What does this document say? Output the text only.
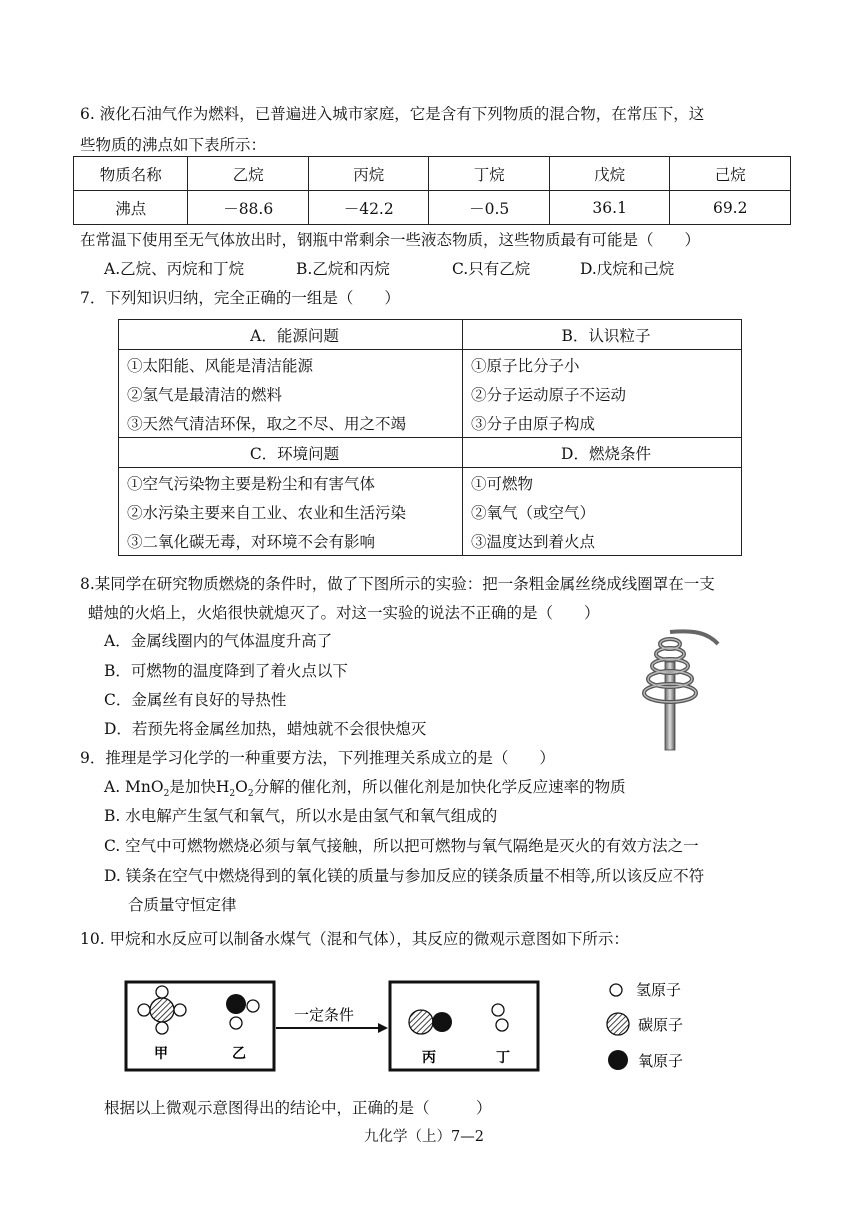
6. 液化石油气作为燃料，已普遍进入城市家庭，它是含有下列物质的混合物，在常压下，这
些物质的沸点如下表所示：
物质名称	乙烷	丙烷	丁烷	戊烷	己烷
沸点	－88.6	－42.2	－0.5	36.1	69.2
在常温下使用至无气体放出时，钢瓶中常剩余一些液态物质，这些物质最有可能是（　　）
A.乙烷、丙烷和丁烷	B.乙烷和丙烷	C.只有乙烷	D.戊烷和己烷
7．下列知识归纳，完全正确的一组是（　　）
A．能源问题	B．认识粒子
①太阳能、风能是清洁能源	①原子比分子小
②氢气是最清洁的燃料	②分子运动原子不运动
③天然气清洁环保，取之不尽、用之不竭	③分子由原子构成
C．环境问题	D．燃烧条件
①空气污染物主要是粉尘和有害气体	①可燃物
②水污染主要来自工业、农业和生活污染	②氧气（或空气）
③二氧化碳无毒，对环境不会有影响	③温度达到着火点
8.某同学在研究物质燃烧的条件时，做了下图所示的实验：把一条粗金属丝绕成线圈罩在一支
蜡烛的火焰上，火焰很快就熄灭了。对这一实验的说法不正确的是（　　）
A．金属线圈内的气体温度升高了
B．可燃物的温度降到了着火点以下
C．金属丝有良好的导热性
D．若预先将金属丝加热，蜡烛就不会很快熄灭
9．推理是学习化学的一种重要方法，下列推理关系成立的是（　　）
A. MnO$_2$是加快$H_2O_2$分解的催化剂，所以催化剂是加快化学反应速率的物质
B. 水电解产生氢气和氧气，所以水是由氢气和氧气组成的
C. 空气中可燃物燃烧必须与氧气接触，所以把可燃物与氧气隔绝是灭火的有效方法之一
D. 镁条在空气中燃烧得到的氧化镁的质量与参加反应的镁条质量不相等,所以该反应不符
合质量守恒定律
10. 甲烷和水反应可以制备水煤气（混和气体），其反应的微观示意图如下所示：
甲	乙
一定条件
丙	丁
氢原子
碳原子
氧原子
根据以上微观示意图得出的结论中，正确的是（　　　）
九化学（上）7—2
